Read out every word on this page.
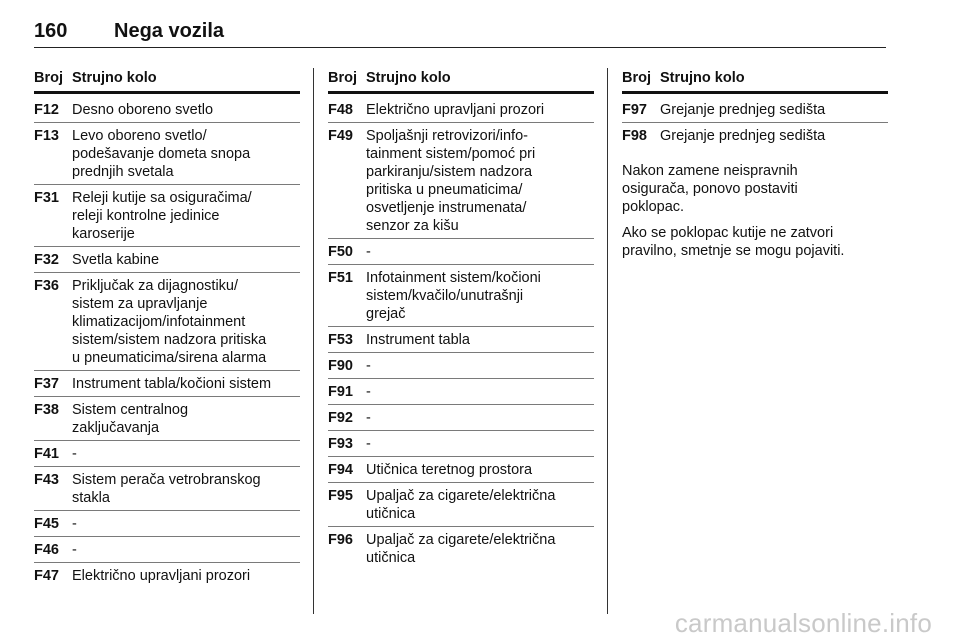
160 Nega vozila
Broj Strujno kolo
F12 Desno oboreno svetlo
F13 Levo oboreno svetlo/
podešavanje dometa snopa
prednjih svetala
F31 Releji kutije sa osiguračima/
releji kontrolne jedinice
karoserije
F32 Svetla kabine
F36 Priključak za dijagnostiku/
sistem za upravljanje
klimatizacijom/infotainment
sistem/sistem nadzora pritiska
u pneumaticima/sirena alarma
F37 Instrument tabla/kočioni sistem
F38 Sistem centralnog
zaključavanja
F41 -
F43 Sistem perača vetrobranskog
stakla
F45 -
F46 -
F47 Električno upravljani prozori
Broj Strujno kolo
F48 Električno upravljani prozori
F49 Spoljašnji retrovizori/info-
tainment sistem/pomoć pri
parkiranju/sistem nadzora
pritiska u pneumaticima/
osvetljenje instrumenata/
senzor za kišu
F50 -
F51 Infotainment sistem/kočioni
sistem/kvačilo/unutrašnji
grejač
F53 Instrument tabla
F90 -
F91 -
F92 -
F93 -
F94 Utičnica teretnog prostora
F95 Upaljač za cigarete/električna
utičnica
F96 Upaljač za cigarete/električna
utičnica
Broj Strujno kolo
F97 Grejanje prednjeg sedišta
F98 Grejanje prednjeg sedišta
Nakon zamene neispravnih
osigurača, ponovo postaviti
poklopac.
Ako se poklopac kutije ne zatvori
pravilno, smetnje se mogu pojaviti.
carmanualsonline.info
